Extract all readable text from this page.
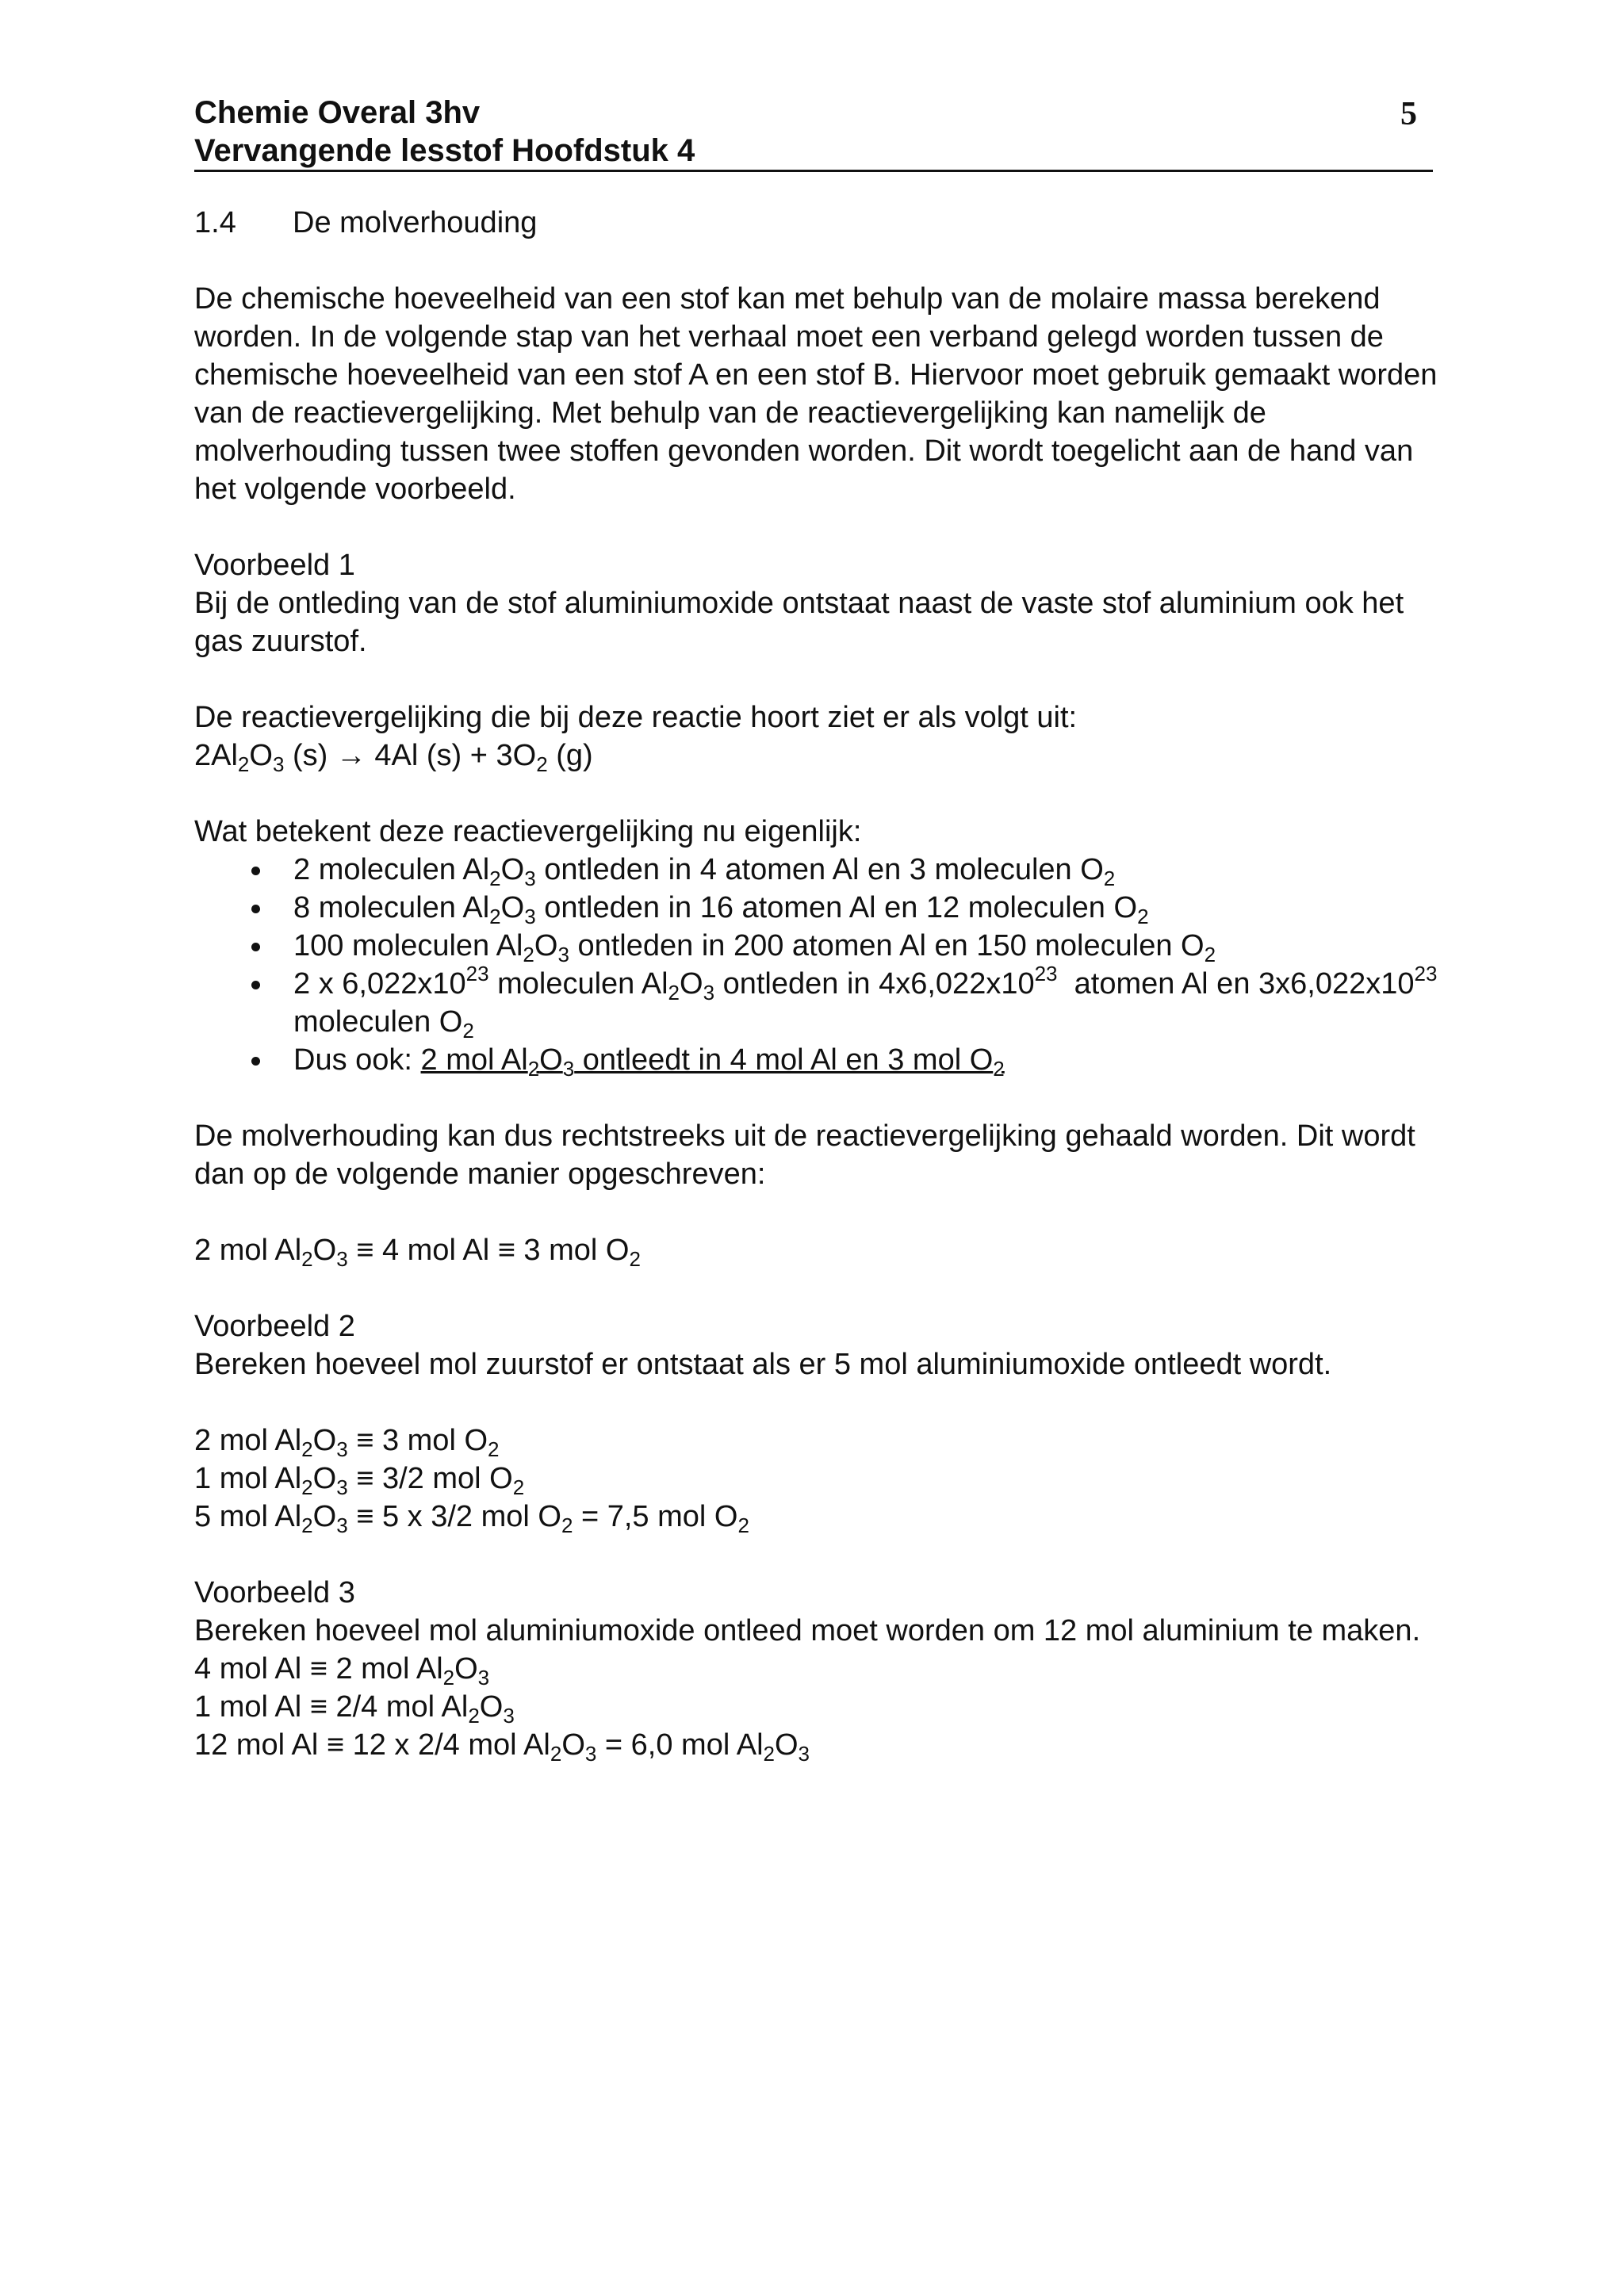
Chemie Overal 3hv
Vervangende lesstof Hoofdstuk 4
5
1.4 De molverhouding

De chemische hoeveelheid van een stof kan met behulp van de molaire massa berekend worden. In de volgende stap van het verhaal moet een verband gelegd worden tussen de chemische hoeveelheid van een stof A en een stof B. Hiervoor moet gebruik gemaakt worden van de reactievergelijking. Met behulp van de reactievergelijking kan namelijk de molverhouding tussen twee stoffen gevonden worden. Dit wordt toegelicht aan de hand van het volgende voorbeeld.

Voorbeeld 1

Bij de ontleding van de stof aluminiumoxide ontstaat naast de vaste stof aluminium ook het gas zuurstof.

De reactievergelijking die bij deze reactie hoort ziet er als volgt uit:

$2Al_2O_3$ (s) → 4Al $(s) + 3O_2$ (g)

Wat betekent deze reactievergelijking nu eigenlijk:

2 moleculen $Al_2O_3$ ontleden in 4 atomen Al en 3 moleculen $O_2$
8 moleculen $Al_2O_3$ ontleden in 16 atomen Al en 12 moleculen $O_2$
100 moleculen $Al_2O_3$ ontleden in 200 atomen Al en 150 moleculen $O_2$
2 x $6,022x10^{23}$ moleculen $Al_2O_3$ ontleden in $4x6,022x10^{23}$  atomen Al en $3x6,022x10^{23}$
moleculen $O_2$
Dus ook: 2 mol $Al_2O_3$ ontleedt in 4 mol Al en 3 mol $O_2$

De molverhouding kan dus rechtstreeks uit de reactievergelijking gehaald worden. Dit wordt dan op de volgende manier opgeschreven:

2 mol $Al_2O_3 \equiv 4$ mol Al ≡ 3 mol $O_2$

Voorbeeld 2

Bereken hoeveel mol zuurstof er ontstaat als er 5 mol aluminiumoxide ontleedt wordt.

2 mol $Al_2O_3 \equiv 3$ mol $O_2$

1 mol $Al_2O_3 \equiv 3/2$ mol $O_2$

5 mol $Al_2O_3 \equiv 5$ x 3/2 mol $O_2 = 7,5$ mol $O_2$

Voorbeeld 3

Bereken hoeveel mol aluminiumoxide ontleed moet worden om 12 mol aluminium te maken.

4 mol Al ≡ 2 mol $Al_2O_3$

1 mol Al ≡ 2/4 mol $Al_2O_3$

12 mol Al ≡ 12 x 2/4 mol $Al_2O_3 = 6,0$ mol $Al_2O_3$
